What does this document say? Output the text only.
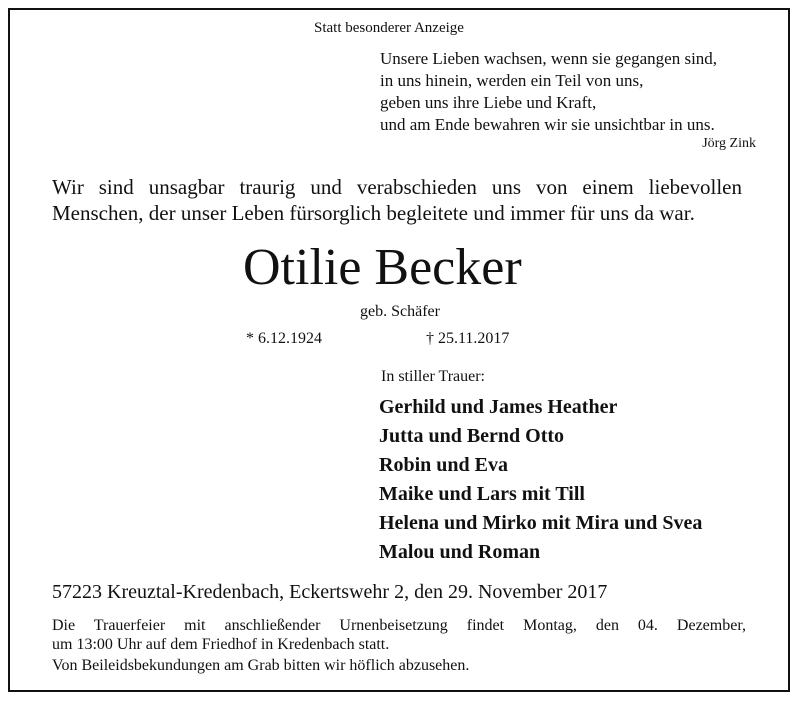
Statt besonderer Anzeige
Unsere Lieben wachsen, wenn sie gegangen sind,
in uns hinein, werden ein Teil von uns,
geben uns ihre Liebe und Kraft,
und am Ende bewahren wir sie unsichtbar in uns.
Jörg Zink
Wir sind unsagbar traurig und verabschieden uns von einem liebevollen
Menschen, der unser Leben fürsorglich begleitete und immer für uns da war.
Otilie Becker
geb. Schäfer
* 6.12.1924	† 25.11.2017
In stiller Trauer:
Gerhild und James Heather
Jutta und Bernd Otto
Robin und Eva
Maike und Lars mit Till
Helena und Mirko mit Mira und Svea
Malou und Roman
57223 Kreuztal-Kredenbach, Eckertswehr 2, den 29. November 2017
Die Trauerfeier mit anschließender Urnenbeisetzung findet Montag, den 04. Dezember,
um 13:00 Uhr auf dem Friedhof in Kredenbach statt.
Von Beileidsbekundungen am Grab bitten wir höflich abzusehen.
